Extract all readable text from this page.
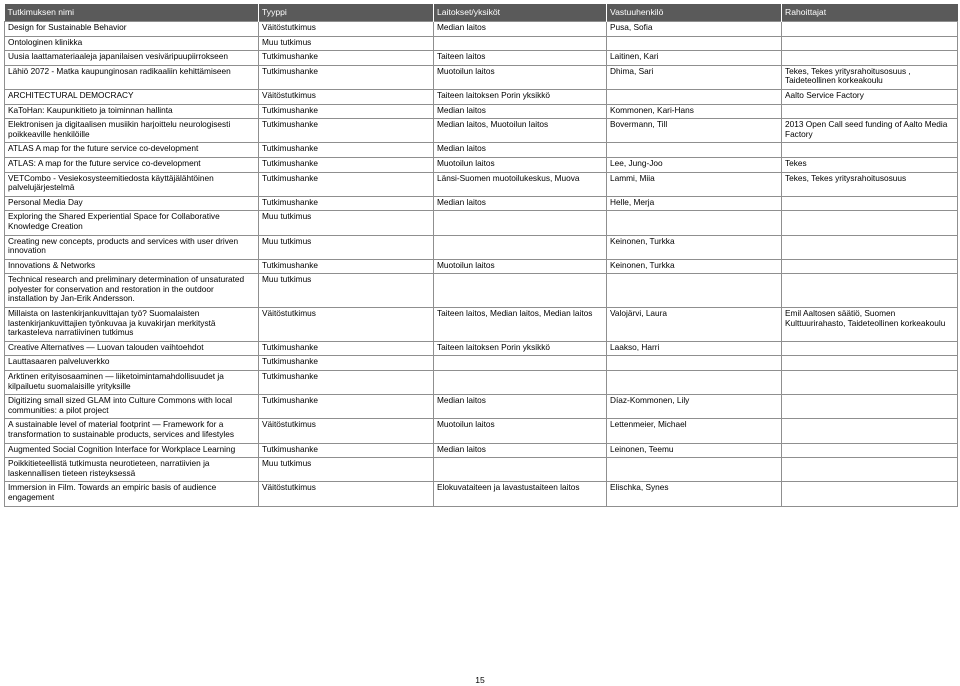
Tutkimuksen nimi	Tyyppi	Laitokset/yksiköt	Vastuuhenkilö	Rahoittajat
Design for Sustainable Behavior	Väitöstutkimus	Median laitos	Pusa, Sofia	
Ontologinen klinikka	Muu tutkimus			
Uusia laattamateriaaleja japanilaisen vesiväripuupiirrokseen	Tutkimushanke	Taiteen laitos	Laitinen, Kari	
Lähiö 2072 - Matka kaupunginosan radikaaliin kehittämiseen	Tutkimushanke	Muotoilun laitos	Dhima, Sari	Tekes, Tekes yritysrahoitusosuus , Taideteollinen korkeakoulu
ARCHITECTURAL DEMOCRACY	Väitöstutkimus	Taiteen laitoksen Porin yksikkö		Aalto Service Factory
KaToHan: Kaupunkitieto ja toiminnan hallinta	Tutkimushanke	Median laitos	Kommonen, Kari-Hans	
Elektronisen ja digitaalisen musiikin harjoittelu neurologisesti poikkeaville henkilöille	Tutkimushanke	Median laitos, Muotoilun laitos	Bovermann, Till	2013 Open Call seed funding of Aalto Media Factory
ATLAS A map for the future service co-development	Tutkimushanke	Median laitos		
ATLAS: A map for the future service co-development	Tutkimushanke	Muotoilun laitos	Lee, Jung-Joo	Tekes
VETCombo - Vesiekosysteemitiedosta käyttäjälähtöinen palvelujärjestelmä	Tutkimushanke	Länsi-Suomen muotoilukeskus, Muova	Lammi, Miia	Tekes, Tekes yritysrahoitusosuus
Personal Media Day	Tutkimushanke	Median laitos	Helle, Merja	
Exploring the Shared Experiential Space for Collaborative Knowledge Creation	Muu tutkimus			
Creating new concepts, products and services with user driven innovation	Muu tutkimus		Keinonen, Turkka	
Innovations & Networks	Tutkimushanke	Muotoilun laitos	Keinonen, Turkka	
Technical research and preliminary determination of unsaturated polyester for conservation and restoration in the outdoor installation by Jan-Erik Andersson.	Muu tutkimus			
Millaista on lastenkirjankuvittajan työ? Suomalaisten lastenkirjankuvittajien työnkuvaa ja kuvakirjan merkitystä tarkasteleva narratiivinen tutkimus	Väitöstutkimus	Taiteen laitos, Median laitos, Median laitos	Valojärvi, Laura	Emil Aaltosen säätiö, Suomen Kulttuurirahasto, Taideteollinen korkeakoulu
Creative Alternatives — Luovan talouden vaihtoehdot	Tutkimushanke	Taiteen laitoksen Porin yksikkö	Laakso, Harri	
Lauttasaaren palveluverkko	Tutkimushanke			
Arktinen erityisosaaminen — liiketoimintamahdollisuudet ja kilpailuetu suomalaisille yrityksille	Tutkimushanke			
Digitizing small sized GLAM into Culture Commons with local communities: a pilot project	Tutkimushanke	Median laitos	Díaz-Kommonen, Lily	
A sustainable level of material footprint — Framework for a transformation to sustainable products, services and lifestyles	Väitöstutkimus	Muotoilun laitos	Lettenmeier, Michael	
Augmented Social Cognition Interface for Workplace Learning	Tutkimushanke	Median laitos	Leinonen, Teemu	
Poikkitieteellistä tutkimusta neurotieteen, narratiivien ja laskennallisen tieteen risteyksessä	Muu tutkimus			
Immersion in Film. Towards an empiric basis of audience engagement	Väitöstutkimus	Elokuvataiteen ja lavastustaiteen laitos	Elischka, Synes	
15
